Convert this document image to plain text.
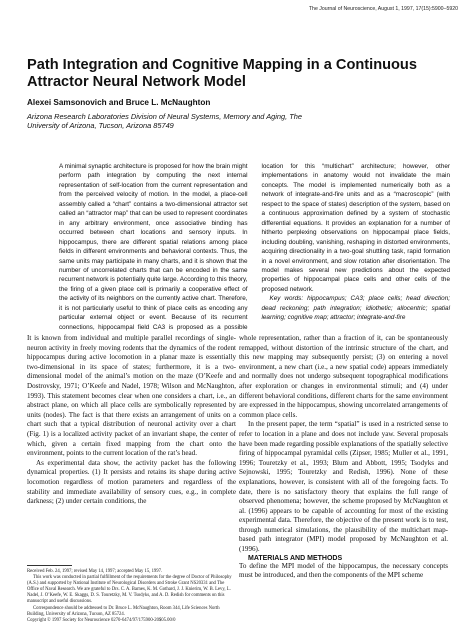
The Journal of Neuroscience, August 1, 1997, 17(15):5900–5920
Path Integration and Cognitive Mapping in a Continuous Attractor Neural Network Model

Alexei Samsonovich and Bruce L. McNaughton

Arizona Research Laboratories Division of Neural Systems, Memory and Aging, The University of Arizona, Tucson, Arizona 85749

A minimal synaptic architecture is proposed for how the brain might perform path integration by computing the next internal representation of self-location from the current representation and from the perceived velocity of motion. In the model, a place-cell assembly called a “chart” contains a two-dimensional attractor set called an “attractor map” that can be used to represent coordinates in any arbitrary environment, once associative binding has occurred between chart locations and sensory inputs. In hippocampus, there are different spatial relations among place fields in different environments and behavioral contexts. Thus, the same units may participate in many charts, and it is shown that the number of uncorrelated charts that can be encoded in the same recurrent network is potentially quite large. According to this theory, the firing of a given place cell is primarily a cooperative effect of the activity of its neighbors on the currently active chart. Therefore, it is not particularly useful to think of place cells as encoding any particular external object or event. Because of its recurrent connections, hippocampal field CA3 is proposed as a possible location for this “multichart” architecture; however, other implementations in anatomy would not invalidate the main concepts. The model is implemented numerically both as a network of integrate-and-fire units and as a “macroscopic” (with respect to the space of states) description of the system, based on a continuous approximation defined by a system of stochastic differential equations. It provides an explanation for a number of hitherto perplexing observations on hippocampal place fields, including doubling, vanishing, reshaping in distorted environments, acquiring directionality in a two-goal shuttling task, rapid formation in a novel environment, and slow rotation after disorientation. The model makes several new predictions about the expected properties of hippocampal place cells and other cells of the proposed network.

Key words: hippocampus; CA3; place cells; head direction; dead reckoning; path integration; idiothetic; allocentric; spatial learning; cognitive map; attractor; integrate-and-fire

It is known from individual and multiple parallel recordings of single-neuron activity in freely moving rodents that the dynamics of the rodent hippocampus during active locomotion in a planar maze is essentially two-dimensional in its space of states; furthermore, it is a two-dimensional model of the animal’s motion on the maze (O’Keefe and Dostrovsky, 1971; O’Keefe and Nadel, 1978; Wilson and McNaughton, 1993). This statement becomes clear when one considers a chart, i.e., an abstract plane, on which all place cells are symbolically represented by units (nodes). The fact is that there exists an arrangement of units on a chart such that a typical distribution of neuronal activity over a chart (Fig. 1) is a localized activity packet of an invariant shape, the center of which, given a certain fixed mapping from the chart onto the environment, points to the current location of the rat’s head.

As experimental data show, the activity packet has the following dynamical properties. (1) It persists and retains its shape during active locomotion regardless of motion parameters and regardless of the stability and immediate availability of sensory cues, e.g., in complete darkness; (2) under certain conditions, the

Received Feb. 24, 1997; revised May 14, 1997; accepted May 15, 1997.

This work was conducted in partial fulfillment of the requirements for the degree of Doctor of Philosophy (A.S.) and supported by National Institute of Neurological Disorders and Stroke Grant NS20331 and The Office of Naval Research. We are grateful to Drs. C. A. Barnes, K. M. Gothard, J. J. Knierim, W. B. Levy, L. Nadel, J. O’Keefe, W. E. Skaggs, D. S. Touretzky, M. V. Tsodyks, and A. D. Redish for comments on this manuscript and useful discussions.

Correspondence should be addressed to Dr. Bruce L. McNaughton, Room 344, Life Sciences North Building, University of Arizona, Tucson, AZ 85724.

Copyright © 1997 Society for Neuroscience 0270-6474/97/175900-20$05.00/0

whole representation, rather than a fraction of it, can be spontaneously remapped, without distortion of the intrinsic structure of the chart, and this new mapping may subsequently persist; (3) on entering a novel environment, a new chart (i.e., a new spatial code) appears immediately and normally does not undergo subsequent topographical modifications after exploration or changes in environmental stimuli; and (4) under different behavioral conditions, different charts for the same environment are expressed in the hippocampus, showing uncorrelated arrangements of common place cells.

In the present paper, the term “spatial” is used in a restricted sense to refer to location in a plane and does not include yaw. Several proposals have been made regarding possible explanations of the spatially selective firing of hippocampal pyramidal cells (Zipser, 1985; Muller et al., 1991, 1996; Touretzky et al., 1993; Blum and Abbott, 1995; Tsodyks and Sejnowski, 1995; Touretzky and Redish, 1996). None of these explanations, however, is consistent with all of the foregoing facts. To date, there is no satisfactory theory that explains the full range of observed phenomena; however, the scheme proposed by McNaughton et al. (1996) appears to be capable of accounting for most of the existing experimental data. Therefore, the objective of the present work is to test, through numerical simulations, the plausibility of the multichart map-based path integrator (MPI) model proposed by McNaughton et al. (1996).

MATERIALS AND METHODS

To define the MPI model of the hippocampus, the necessary concepts must be introduced, and then the components of the MPI scheme
